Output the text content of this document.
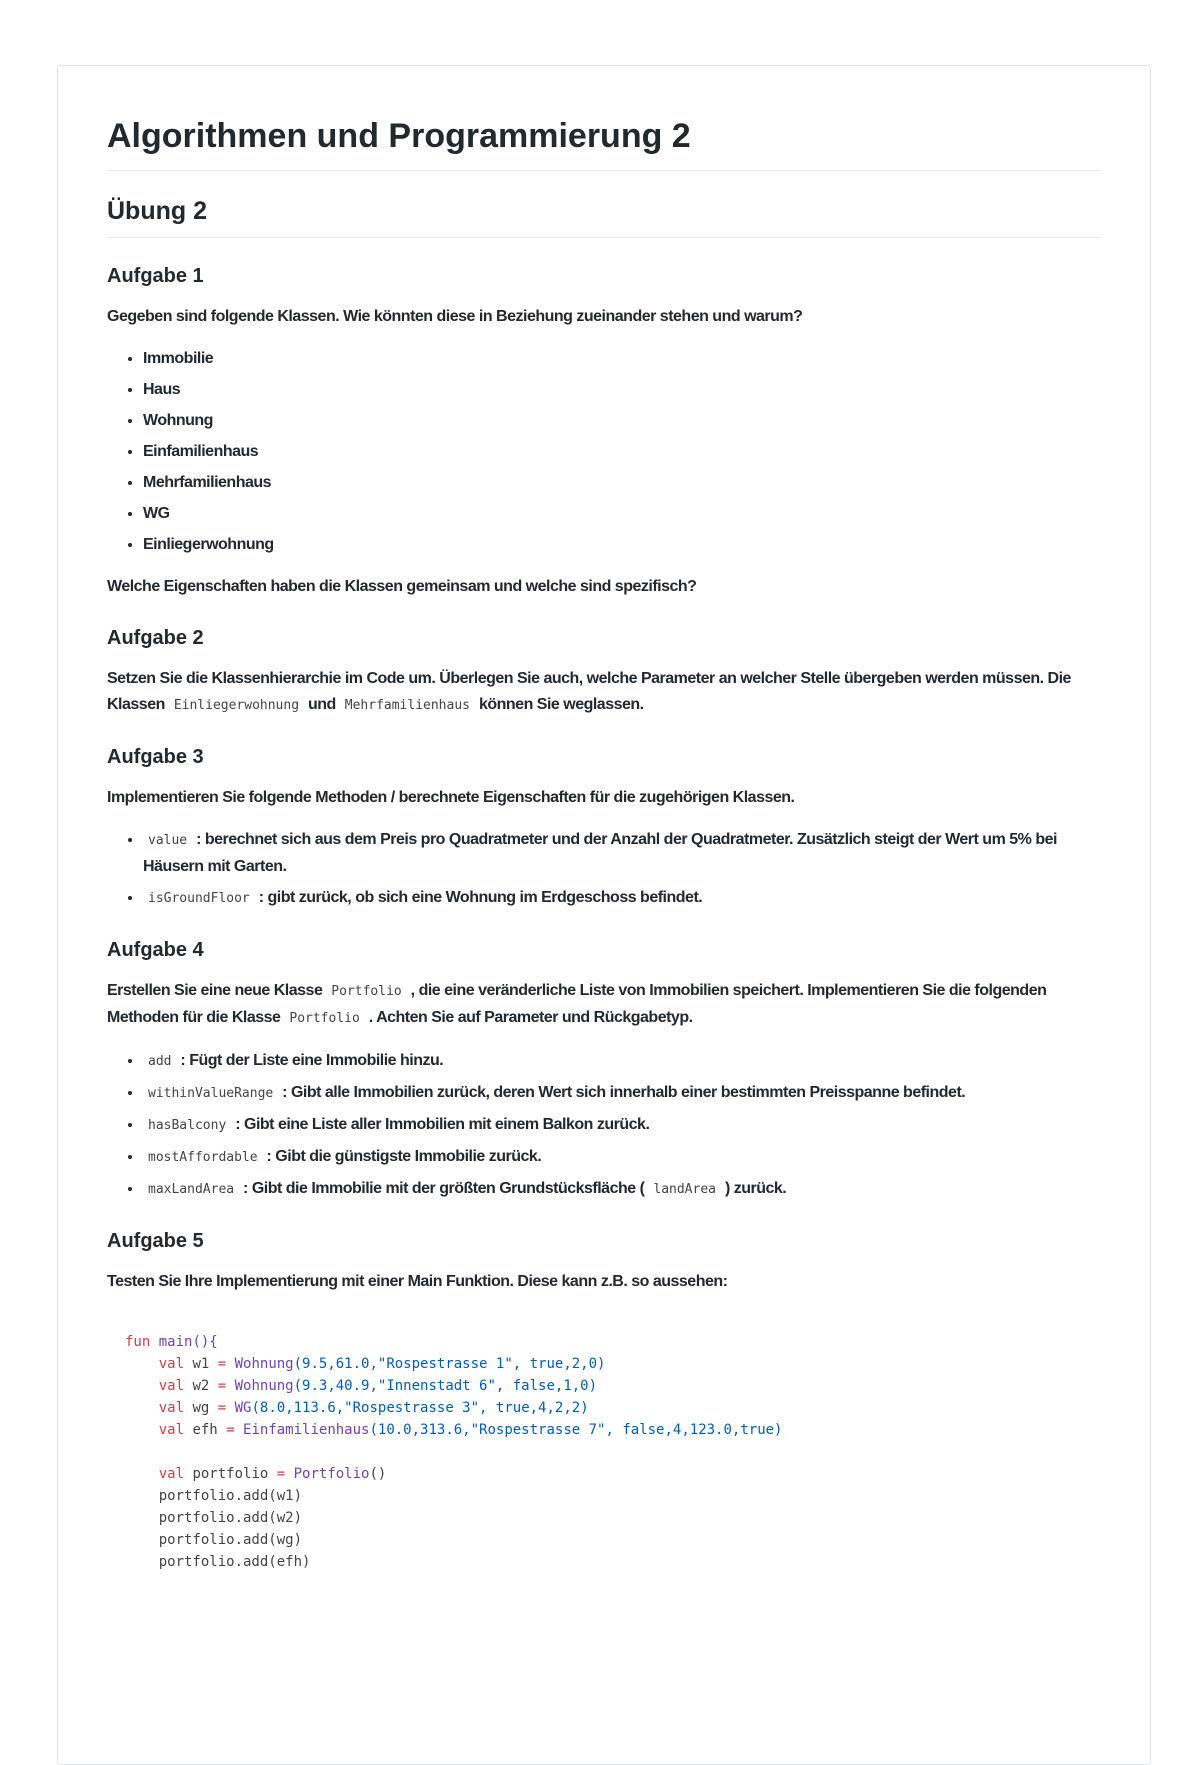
Algorithmen und Programmierung 2
Übung 2
Aufgabe 1

Gegeben sind folgende Klassen. Wie könnten diese in Beziehung zueinander stehen und warum?

• Immobilie
• Haus
• Wohnung
• Einfamilienhaus
• Mehrfamilienhaus
• WG
• Einliegerwohnung

Welche Eigenschaften haben die Klassen gemeinsam und welche sind spezifisch?

Aufgabe 2

Setzen Sie die Klassenhierarchie im Code um. Überlegen Sie auch, welche Parameter an welcher Stelle übergeben werden müssen. Die Klassen Einliegerwohnung und Mehrfamilienhaus können Sie weglassen.

Aufgabe 3

Implementieren Sie folgende Methoden / berechnete Eigenschaften für die zugehörigen Klassen.

• value : berechnet sich aus dem Preis pro Quadratmeter und der Anzahl der Quadratmeter. Zusätzlich steigt der Wert um 5% bei Häusern mit Garten.
• isGroundFloor : gibt zurück, ob sich eine Wohnung im Erdgeschoss befindet.
Aufgabe 4

Erstellen Sie eine neue Klasse Portfolio , die eine veränderliche Liste von Immobilien speichert. Implementieren Sie die folgenden Methoden für die Klasse Portfolio . Achten Sie auf Parameter und Rückgabetyp.

• add : Fügt der Liste eine Immobilie hinzu.
• withinValueRange : Gibt alle Immobilien zurück, deren Wert sich innerhalb einer bestimmten Preisspanne befindet.
• hasBalcony : Gibt eine Liste aller Immobilien mit einem Balkon zurück.
• mostAffordable : Gibt die günstigste Immobilie zurück.
• maxLandArea : Gibt die Immobilie mit der größten Grundstücksfläche ( landArea ) zurück.
Aufgabe 5

Testen Sie Ihre Implementierung mit einer Main Funktion. Diese kann z.B. so aussehen:

fun main(){
val w1 = Wohnung(9.5,61.0,"Rospestrasse 1", true,2,0)
val w2 = Wohnung(9.3,40.9,"Innenstadt 6", false,1,0)
val wg = WG(8.0,113.6,"Rospestrasse 3", true,4,2,2)
val efh = Einfamilienhaus(10.0,313.6,"Rospestrasse 7", false,4,123.0,true)

val portfolio = Portfolio()
portfolio.add(w1)
portfolio.add(w2)
portfolio.add(wg)
portfolio.add(efh)
